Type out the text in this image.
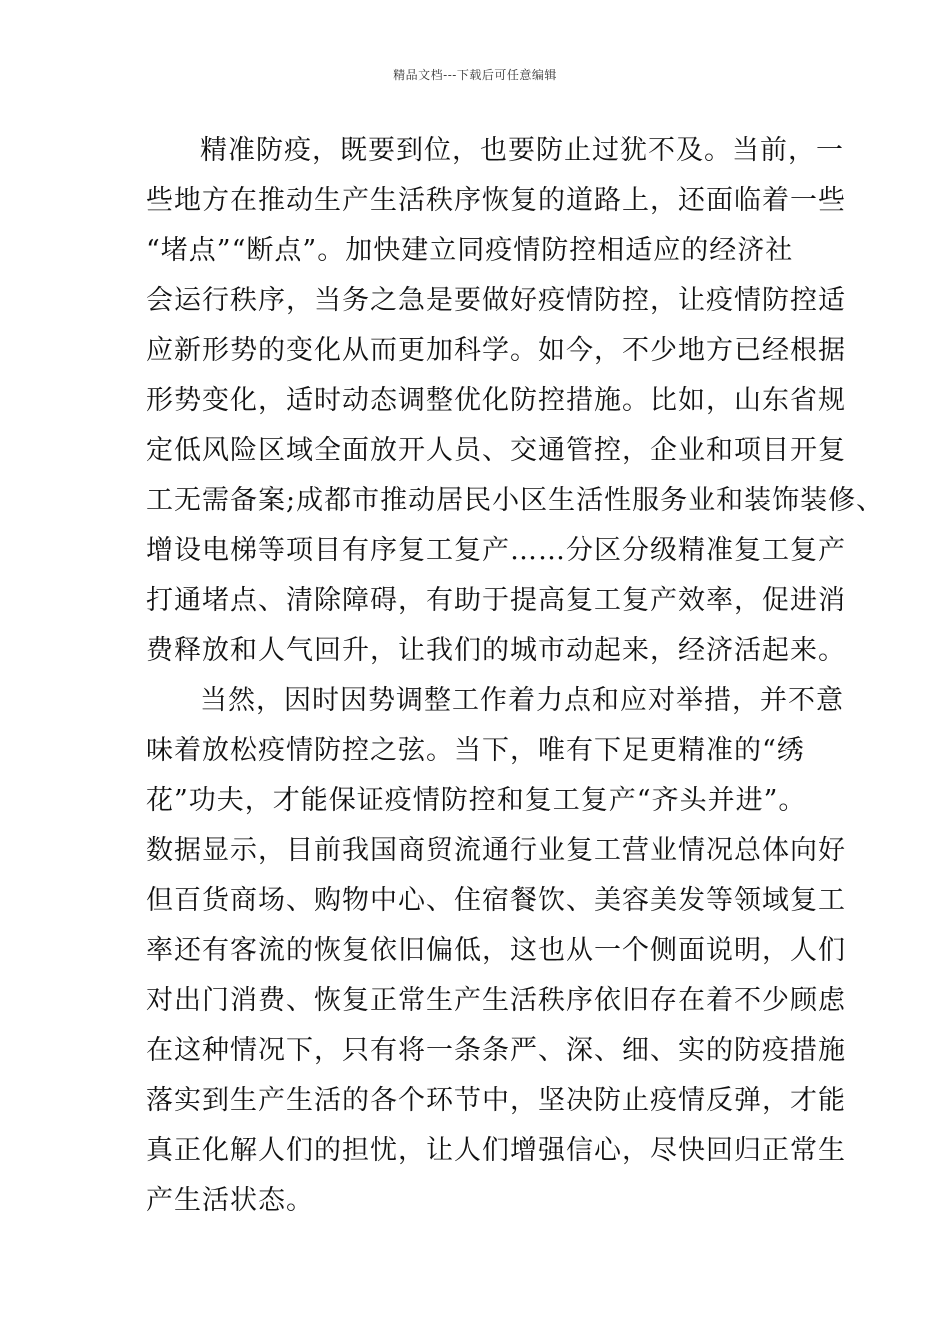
精品文档---下载后可任意编辑
精准防疫，既要到位，也要防止过犹不及。当前，一
些地方在推动生产生活秩序恢复的道路上，还面临着一些
“堵点”“断点”。加快建立同疫情防控相适应的经济社
会运行秩序，当务之急是要做好疫情防控，让疫情防控适
应新形势的变化从而更加科学。如今，不少地方已经根据
形势变化，适时动态调整优化防控措施。比如，山东省规
定低风险区域全面放开人员、交通管控，企业和项目开复
工无需备案;成都市推动居民小区生活性服务业和装饰装修、
增设电梯等项目有序复工复产……分区分级精准复工复产
打通堵点、清除障碍，有助于提高复工复产效率，促进消
费释放和人气回升，让我们的城市动起来，经济活起来。
当然，因时因势调整工作着力点和应对举措，并不意
味着放松疫情防控之弦。当下，唯有下足更精准的“绣
花”功夫，才能保证疫情防控和复工复产“齐头并进”。
数据显示，目前我国商贸流通行业复工营业情况总体向好
但百货商场、购物中心、住宿餐饮、美容美发等领域复工
率还有客流的恢复依旧偏低，这也从一个侧面说明，人们
对出门消费、恢复正常生产生活秩序依旧存在着不少顾虑
在这种情况下，只有将一条条严、深、细、实的防疫措施
落实到生产生活的各个环节中，坚决防止疫情反弹，才能
真正化解人们的担忧，让人们增强信心，尽快回归正常生
产生活状态。
